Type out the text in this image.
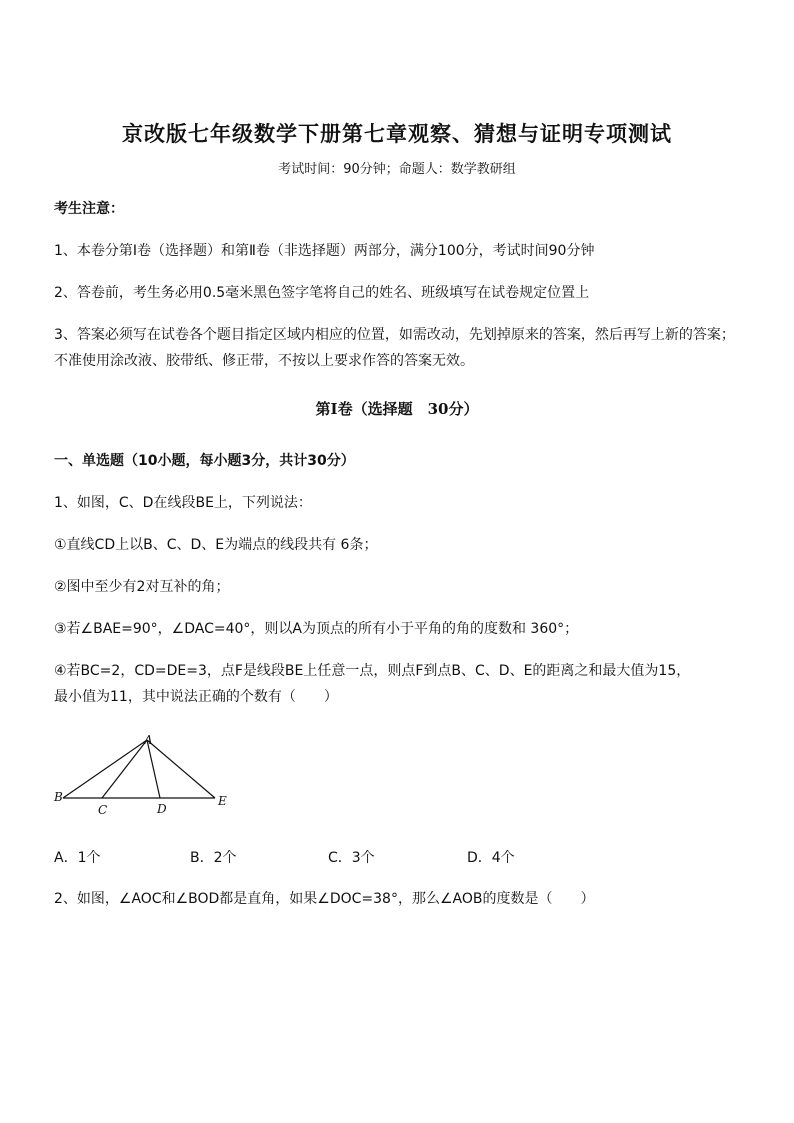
京改版七年级数学下册第七章观察、猜想与证明专项测试
考试时间：90分钟；命题人：数学教研组
考生注意：
1、本卷分第Ⅰ卷（选择题）和第Ⅱ卷（非选择题）两部分，满分100分，考试时间90分钟
2、答卷前，考生务必用0.5毫米黑色签字笔将自己的姓名、班级填写在试卷规定位置上
3、答案必须写在试卷各个题目指定区域内相应的位置，如需改动，先划掉原来的答案，然后再写上新的答案；不准使用涂改液、胶带纸、修正带，不按以上要求作答的答案无效。
第Ⅰ卷（选择题　30分）
一、单选题（10小题，每小题3分，共计30分）
1、如图，C、D在线段BE上，下列说法：
①直线CD上以B、C、D、E为端点的线段共有 6条；
②图中至少有2对互补的角；
③若∠BAE=90°，∠DAC=40°，则以A为顶点的所有小于平角的角的度数和 360°；
④若BC=2，CD=DE=3，点F是线段BE上任意一点，则点F到点B、C、D、E的距离之和最大值为15，
最小值为11，其中说法正确的个数有（　　）
A
B
C	D
E
A．1个	B．2个	C．3个	D．4个
2、如图，∠AOC和∠BOD都是直角，如果∠DOC=38°，那么∠AOB的度数是（　　）
